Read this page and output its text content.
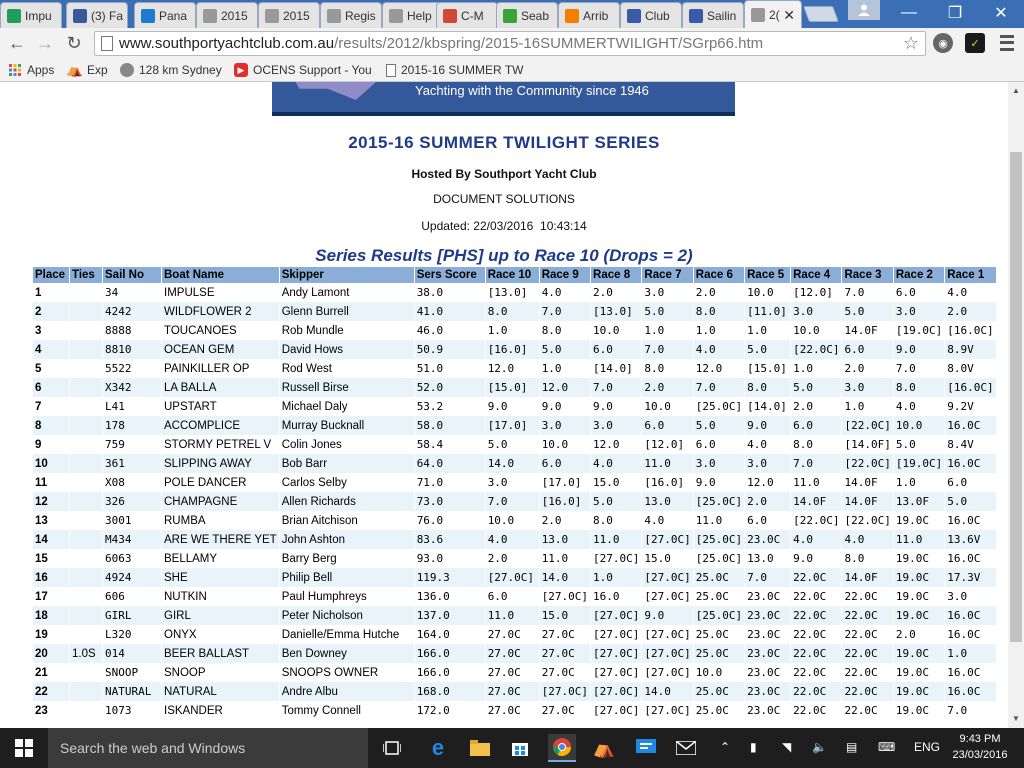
Impu	(3) Fa	Pana	2015	2015	Regis	Help C-M	Seab	Arrib	Club	Sailin	2( ✕	—	❐	✕
← → ↻ www.southportyachtclub.com.au /results/2012/kbspring/2015-16SUMMERTWILIGHT/SGrp66.htm	☆	◉	✓
Apps ⛺ Exp	128 km Sydney	▶ OCENS Support - You 2015-16 SUMMER TW
Yachting with the Community since 1946
2015-16 SUMMER TWILIGHT SERIES
Hosted By Southport Yacht Club
DOCUMENT SOLUTIONS
Updated: 22/03/2016  10:43:14
Series Results [PHS] up to Race 10 (Drops = 2)
Place	Ties	Sail No	Boat Name	Skipper	Sers Score	Race 10	Race 9	Race 8	Race 7	Race 6	Race 5	Race 4	Race 3	Race 2	Race 1
1		34	IMPULSE	Andy Lamont	38.0	[13.0]	4.0	2.0	3.0	2.0	10.0	[12.0]	7.0	6.0	4.0
2		4242	WILDFLOWER 2	Glenn Burrell	41.0	8.0	7.0	[13.0]	5.0	8.0	[11.0]	3.0	5.0	3.0	2.0
3		8888	TOUCANOES	Rob Mundle	46.0	1.0	8.0	10.0	1.0	1.0	1.0	10.0	14.0F	[19.0C]	[16.0C]
4		8810	OCEAN GEM	David Hows	50.9	[16.0]	5.0	6.0	7.0	4.0	5.0	[22.0C]	6.0	9.0	8.9V
5		5522	PAINKILLER OP	Rod West	51.0	12.0	1.0	[14.0]	8.0	12.0	[15.0]	1.0	2.0	7.0	8.0V
6		X342	LA BALLA	Russell Birse	52.0	[15.0]	12.0	7.0	2.0	7.0	8.0	5.0	3.0	8.0	[16.0C]
7		L41	UPSTART	Michael Daly	53.2	9.0	9.0	9.0	10.0	[25.0C]	[14.0]	2.0	1.0	4.0	9.2V
8		178	ACCOMPLICE	Murray Bucknall	58.0	[17.0]	3.0	3.0	6.0	5.0	9.0	6.0	[22.0C]	10.0	16.0C
9		759	STORMY PETREL V	Colin Jones	58.4	5.0	10.0	12.0	[12.0]	6.0	4.0	8.0	[14.0F]	5.0	8.4V
10		361	SLIPPING AWAY	Bob Barr	64.0	14.0	6.0	4.0	11.0	3.0	3.0	7.0	[22.0C]	[19.0C]	16.0C
11		X08	POLE DANCER	Carlos Selby	71.0	3.0	[17.0]	15.0	[16.0]	9.0	12.0	11.0	14.0F	1.0	6.0
12		326	CHAMPAGNE	Allen Richards	73.0	7.0	[16.0]	5.0	13.0	[25.0C]	2.0	14.0F	14.0F	13.0F	5.0
13		3001	RUMBA	Brian Aitchison	76.0	10.0	2.0	8.0	4.0	11.0	6.0	[22.0C]	[22.0C]	19.0C	16.0C
14		M434	ARE WE THERE YET	John Ashton	83.6	4.0	13.0	11.0	[27.0C]	[25.0C]	23.0C	4.0	4.0	11.0	13.6V
15		6063	BELLAMY	Barry Berg	93.0	2.0	11.0	[27.0C]	15.0	[25.0C]	13.0	9.0	8.0	19.0C	16.0C
16		4924	SHE	Philip Bell	119.3	[27.0C]	14.0	1.0	[27.0C]	25.0C	7.0	22.0C	14.0F	19.0C	17.3V
17		606	NUTKIN	Paul Humphreys	136.0	6.0	[27.0C]	16.0	[27.0C]	25.0C	23.0C	22.0C	22.0C	19.0C	3.0
18		GIRL	GIRL	Peter Nicholson	137.0	11.0	15.0	[27.0C]	9.0	[25.0C]	23.0C	22.0C	22.0C	19.0C	16.0C
19		L320	ONYX	Danielle/Emma Hutche	164.0	27.0C	27.0C	[27.0C]	[27.0C]	25.0C	23.0C	22.0C	22.0C	2.0	16.0C
20	1.0S	014	BEER BALLAST	Ben Downey	166.0	27.0C	27.0C	[27.0C]	[27.0C]	25.0C	23.0C	22.0C	22.0C	19.0C	1.0
21		SNOOP	SNOOP	SNOOPS OWNER	166.0	27.0C	27.0C	[27.0C]	[27.0C]	10.0	23.0C	22.0C	22.0C	19.0C	16.0C
22		NATURAL	NATURAL	Andre Albu	168.0	27.0C	[27.0C]	[27.0C]	14.0	25.0C	23.0C	22.0C	22.0C	19.0C	16.0C
23		1073	ISKANDER	Tommy Connell	172.0	27.0C	27.0C	[27.0C]	[27.0C]	25.0C	23.0C	22.0C	22.0C	19.0C	7.0
▲
▼
Search the web and Windows	e	⛺	⌃ ▮ ◥ 🔈 ▤ ⌨ ENG
9:43 PM
23/03/2016
